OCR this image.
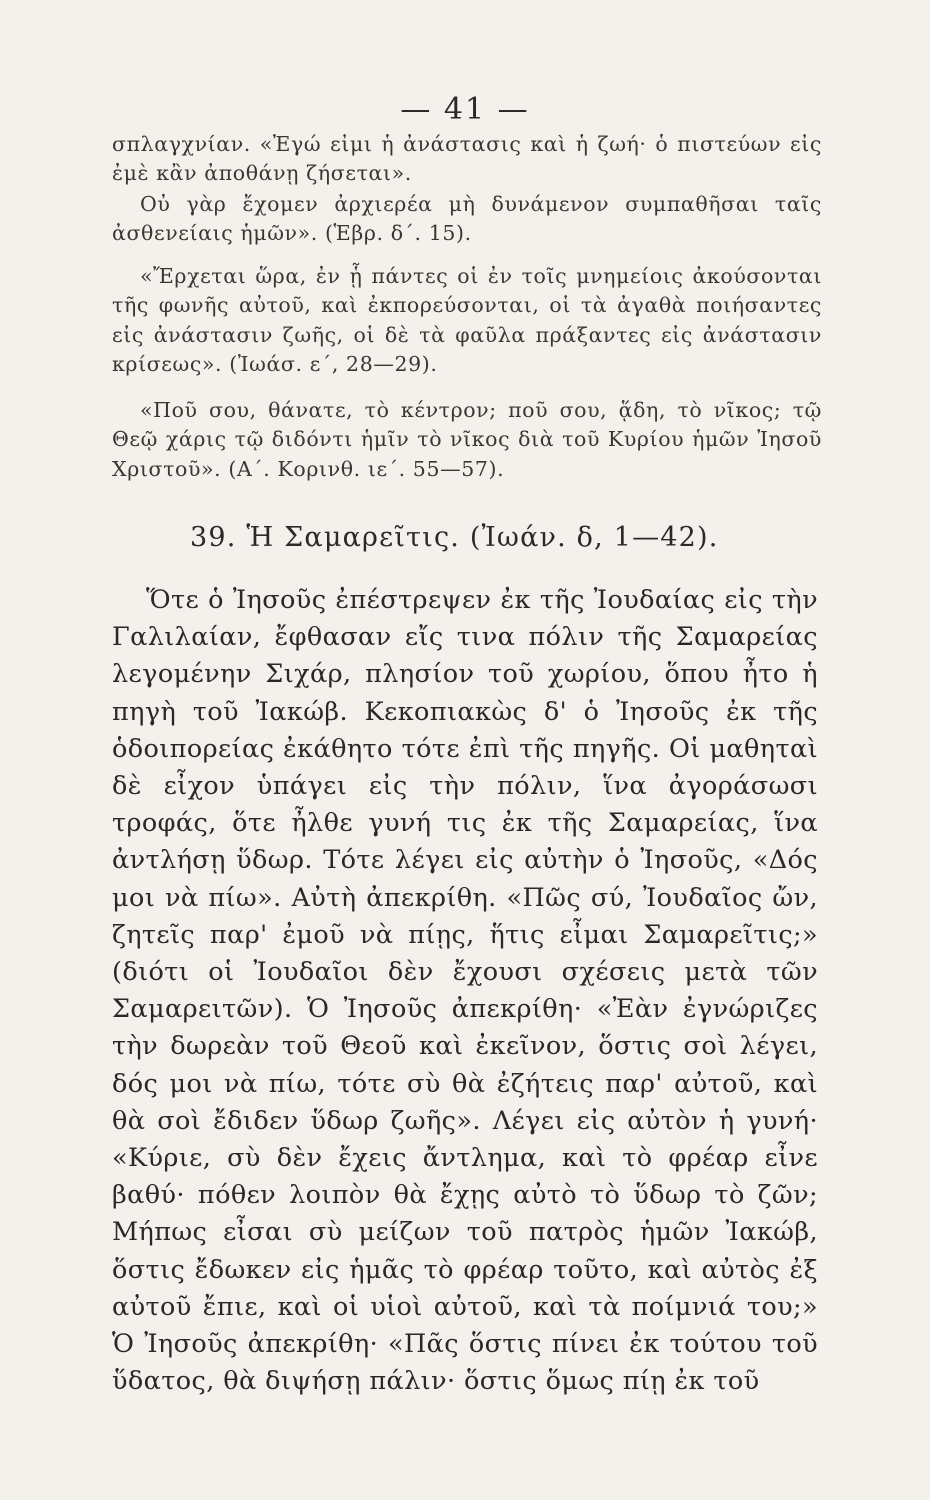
— 41 —

σπλαγχνίαν. «Ἐγώ εἰμι ἡ ἀνάστασις καὶ ἡ ζωή· ὁ πιστεύων εἰς ἐμὲ κἂν ἀποθάνῃ ζήσεται».

Οὐ γὰρ ἔχομεν ἀρχιερέα μὴ δυνάμενον συμπαθῆσαι ταῖς ἀσθενείαις ἡμῶν». (Ἑβρ. δ΄. 15).

«Ἔρχεται ὥρα, ἐν ᾗ πάντες οἱ ἐν τοῖς μνημείοις ἀκούσονται τῆς φωνῆς αὐτοῦ, καὶ ἐκπορεύσονται, οἱ τὰ ἀγαθὰ ποιήσαντες εἰς ἀνάστασιν ζωῆς, οἱ δὲ τὰ φαῦλα πράξαντες εἰς ἀνάστασιν κρίσεως». (Ἰωάσ. ε΄, 28—29).

«Ποῦ σου, θάνατε, τὸ κέντρον; ποῦ σου, ᾅδη, τὸ νῖκος; τῷ Θεῷ χάρις τῷ διδόντι ἡμῖν τὸ νῖκος διὰ τοῦ Κυρίου ἡμῶν Ἰησοῦ Χριστοῦ». (Α΄. Κορινθ. ιε΄. 55—57).

39. Ἡ Σαμαρεῖτις. (Ἰωάν. δ, 1—42).

Ὅτε ὁ Ἰησοῦς ἐπέστρεψεν ἐκ τῆς Ἰουδαίας εἰς τὴν Γαλιλαίαν, ἔφθασαν εἴς τινα πόλιν τῆς Σαμαρείας λεγομένην Σιχάρ, πλησίον τοῦ χωρίου, ὅπου ἦτο ἡ πηγὴ τοῦ Ἰακώβ. Κεκοπιακὼς δ' ὁ Ἰησοῦς ἐκ τῆς ὁδοιπορείας ἐκάθητο τότε ἐπὶ τῆς πηγῆς. Οἱ μαθηταὶ δὲ εἶχον ὑπάγει εἰς τὴν πόλιν, ἵνα ἀγοράσωσι τροφάς, ὅτε ἦλθε γυνή τις ἐκ τῆς Σαμαρείας, ἵνα ἀντλήσῃ ὕδωρ. Τότε λέγει εἰς αὐτὴν ὁ Ἰησοῦς, «Δός μοι νὰ πίω». Αὐτὴ ἀπεκρίθη. «Πῶς σύ, Ἰουδαῖος ὤν, ζητεῖς παρ' ἐμοῦ νὰ πίῃς, ἥτις εἶμαι Σαμαρεῖτις;» (διότι οἱ Ἰουδαῖοι δὲν ἔχουσι σχέσεις μετὰ τῶν Σαμαρειτῶν). Ὁ Ἰησοῦς ἀπεκρίθη· «Ἐὰν ἐγνώριζες τὴν δωρεὰν τοῦ Θεοῦ καὶ ἐκεῖνον, ὅστις σοὶ λέγει, δός μοι νὰ πίω, τότε σὺ θὰ ἐζήτεις παρ' αὐτοῦ, καὶ θὰ σοὶ ἔδιδεν ὕδωρ ζωῆς». Λέγει εἰς αὐτὸν ἡ γυνή· «Κύριε, σὺ δὲν ἔχεις ἄντλημα, καὶ τὸ φρέαρ εἶνε βαθύ· πόθεν λοιπὸν θὰ ἔχῃς αὐτὸ τὸ ὕδωρ τὸ ζῶν; Μήπως εἶσαι σὺ μείζων τοῦ πατρὸς ἡμῶν Ἰακώβ, ὅστις ἔδωκεν εἰς ἡμᾶς τὸ φρέαρ τοῦτο, καὶ αὐτὸς ἐξ αὐτοῦ ἔπιε, καὶ οἱ υἱοὶ αὐτοῦ, καὶ τὰ ποίμνιά του;» Ὁ Ἰησοῦς ἀπεκρίθη· «Πᾶς ὅστις πίνει ἐκ τούτου τοῦ ὕδατος, θὰ διψήσῃ πάλιν· ὅστις ὅμως πίῃ ἐκ τοῦ
